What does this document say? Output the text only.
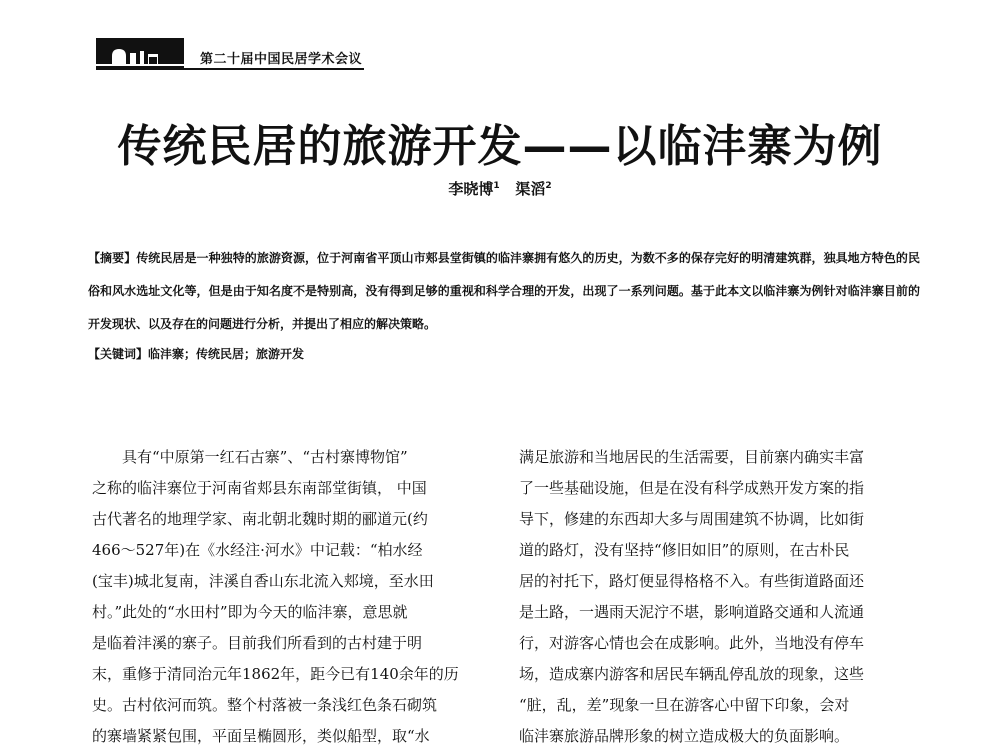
第二十届中国民居学术会议
传统民居的旅游开发——以临沣寨为例
李晓博$^1$ 渠滔$^2$
【摘要】传统民居是一种独特的旅游资源，位于河南省平顶山市郏县堂街镇的临沣寨拥有悠久的历史，为数不多的保存完好的明清建筑群，独具地方特色的民俗和风水选址文化等，但是由于知名度不是特别高，没有得到足够的重视和科学合理的开发，出现了一系列问题。基于此本文以临沣寨为例针对临沣寨目前的开发现状、以及存在的问题进行分析，并提出了相应的解决策略。
【关键词】临沣寨；传统民居；旅游开发
具有“中原第一红石古寨”、“古村寨博物馆”
之称的临沣寨位于河南省郏县东南部堂街镇， 中国
古代著名的地理学家、南北朝北魏时期的郦道元(约
466～527年)在《水经注·河水》中记载：“柏水经
(宝丰)城北复南，沣溪自香山东北流入郏境，至水田
村。”此处的“水田村”即为今天的临沣寨，意思就
是临着沣溪的寨子。目前我们所看到的古村建于明
末，重修于清同治元年1862年，距今已有140余年的历
史。古村依河而筑。整个村落被一条浅红色条石砌筑
的寨墙紧紧包围，平面呈椭圆形，类似船型，取“水
满足旅游和当地居民的生活需要，目前寨内确实丰富
了一些基础设施，但是在没有科学成熟开发方案的指
导下，修建的东西却大多与周围建筑不协调，比如街
道的路灯，没有坚持“修旧如旧”的原则，在古朴民
居的衬托下，路灯便显得格格不入。有些街道路面还
是土路，一遇雨天泥泞不堪，影响道路交通和人流通
行，对游客心情也会在成影响。此外，当地没有停车
场，造成寨内游客和居民车辆乱停乱放的现象，这些
“脏，乱，差”现象一旦在游客心中留下印象，会对
临沣寨旅游品牌形象的树立造成极大的负面影响。
